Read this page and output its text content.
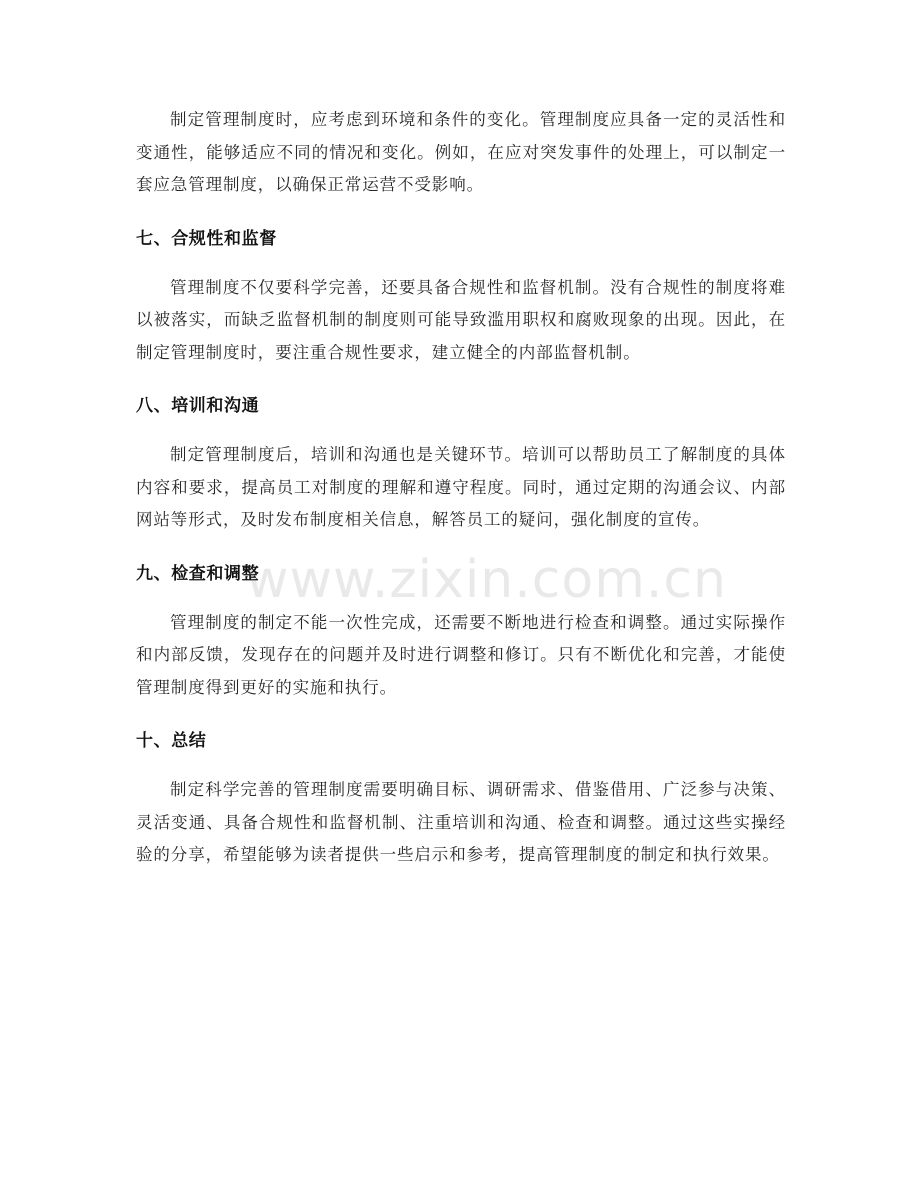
制定管理制度时，应考虑到环境和条件的变化。管理制度应具备一定的灵活性和变通性，能够适应不同的情况和变化。例如，在应对突发事件的处理上，可以制定一套应急管理制度，以确保正常运营不受影响。

七、合规性和监督

管理制度不仅要科学完善，还要具备合规性和监督机制。没有合规性的制度将难以被落实，而缺乏监督机制的制度则可能导致滥用职权和腐败现象的出现。因此，在制定管理制度时，要注重合规性要求，建立健全的内部监督机制。

八、培训和沟通

制定管理制度后，培训和沟通也是关键环节。培训可以帮助员工了解制度的具体内容和要求，提高员工对制度的理解和遵守程度。同时，通过定期的沟通会议、内部网站等形式，及时发布制度相关信息，解答员工的疑问，强化制度的宣传。

九、检查和调整

管理制度的制定不能一次性完成，还需要不断地进行检查和调整。通过实际操作和内部反馈，发现存在的问题并及时进行调整和修订。只有不断优化和完善，才能使管理制度得到更好的实施和执行。

十、总结

制定科学完善的管理制度需要明确目标、调研需求、借鉴借用、广泛参与决策、灵活变通、具备合规性和监督机制、注重培训和沟通、检查和调整。通过这些实操经验的分享，希望能够为读者提供一些启示和参考，提高管理制度的制定和执行效果。

www.zixin.com.cn
